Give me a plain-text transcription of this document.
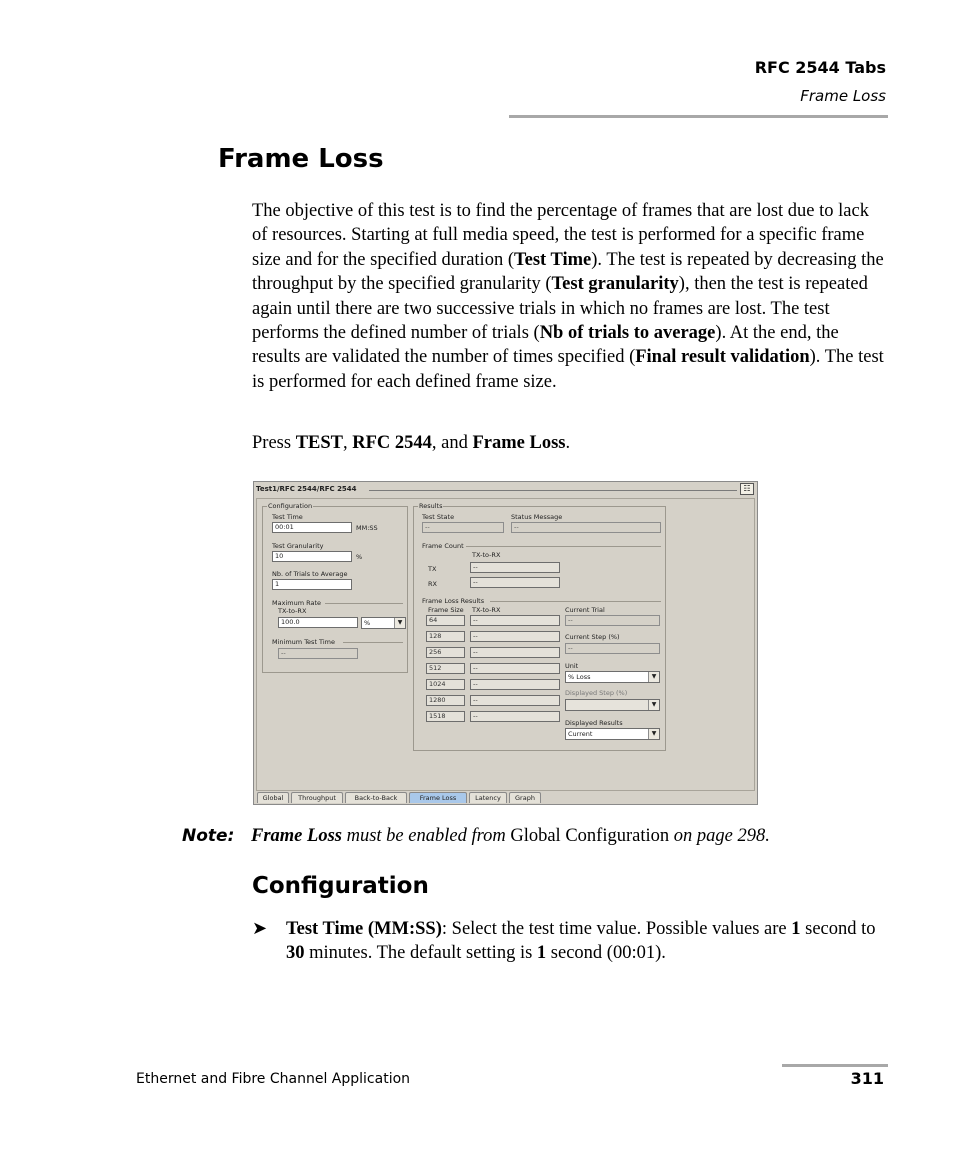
RFC 2544 Tabs
Frame Loss
Frame Loss

The objective of this test is to find the percentage of frames that are lost due to lack of resources. Starting at full media speed, the test is performed for a specific frame size and for the specified duration (Test Time). The test is repeated by decreasing the throughput by the specified granularity (Test granularity), then the test is repeated again until there are two successive trials in which no frames are lost. The test performs the defined number of trials (Nb of trials to average). At the end, the results are validated the number of times specified (Final result validation). The test is performed for each defined frame size.

Press TEST, RFC 2544, and Frame Loss.

Test1/RFC 2544/RFC 2544	☷
Configuration
Test Time
00:01	MM:SS
Test Granularity
10	%
Nb. of Trials to Average
1
Maximum Rate
TX-to-RX
100.0	%	▼
Minimum Test Time
--
Results
Test State
--
Status Message
--
Frame Count
TX-to-RX
TX	--
RX	--
Frame Loss Results
Frame Size TX-to-RX
64	--
128	--
256	--
512	--
1024	--
1280	--
1518	--
Current Trial
--
Current Step (%)
--
Unit
% Loss	▼
Displayed Step (%)
▼
Displayed Results
Current	▼
Global	Throughput	Back-to-Back	Frame Loss	Latency	Graph
Note: Frame Loss must be enabled from Global Configuration on page 298.
Configuration
➤ Test Time (MM:SS): Select the test time value. Possible values are 1 second to 30 minutes. The default setting is 1 second (00:01).

Ethernet and Fibre Channel Application	311
